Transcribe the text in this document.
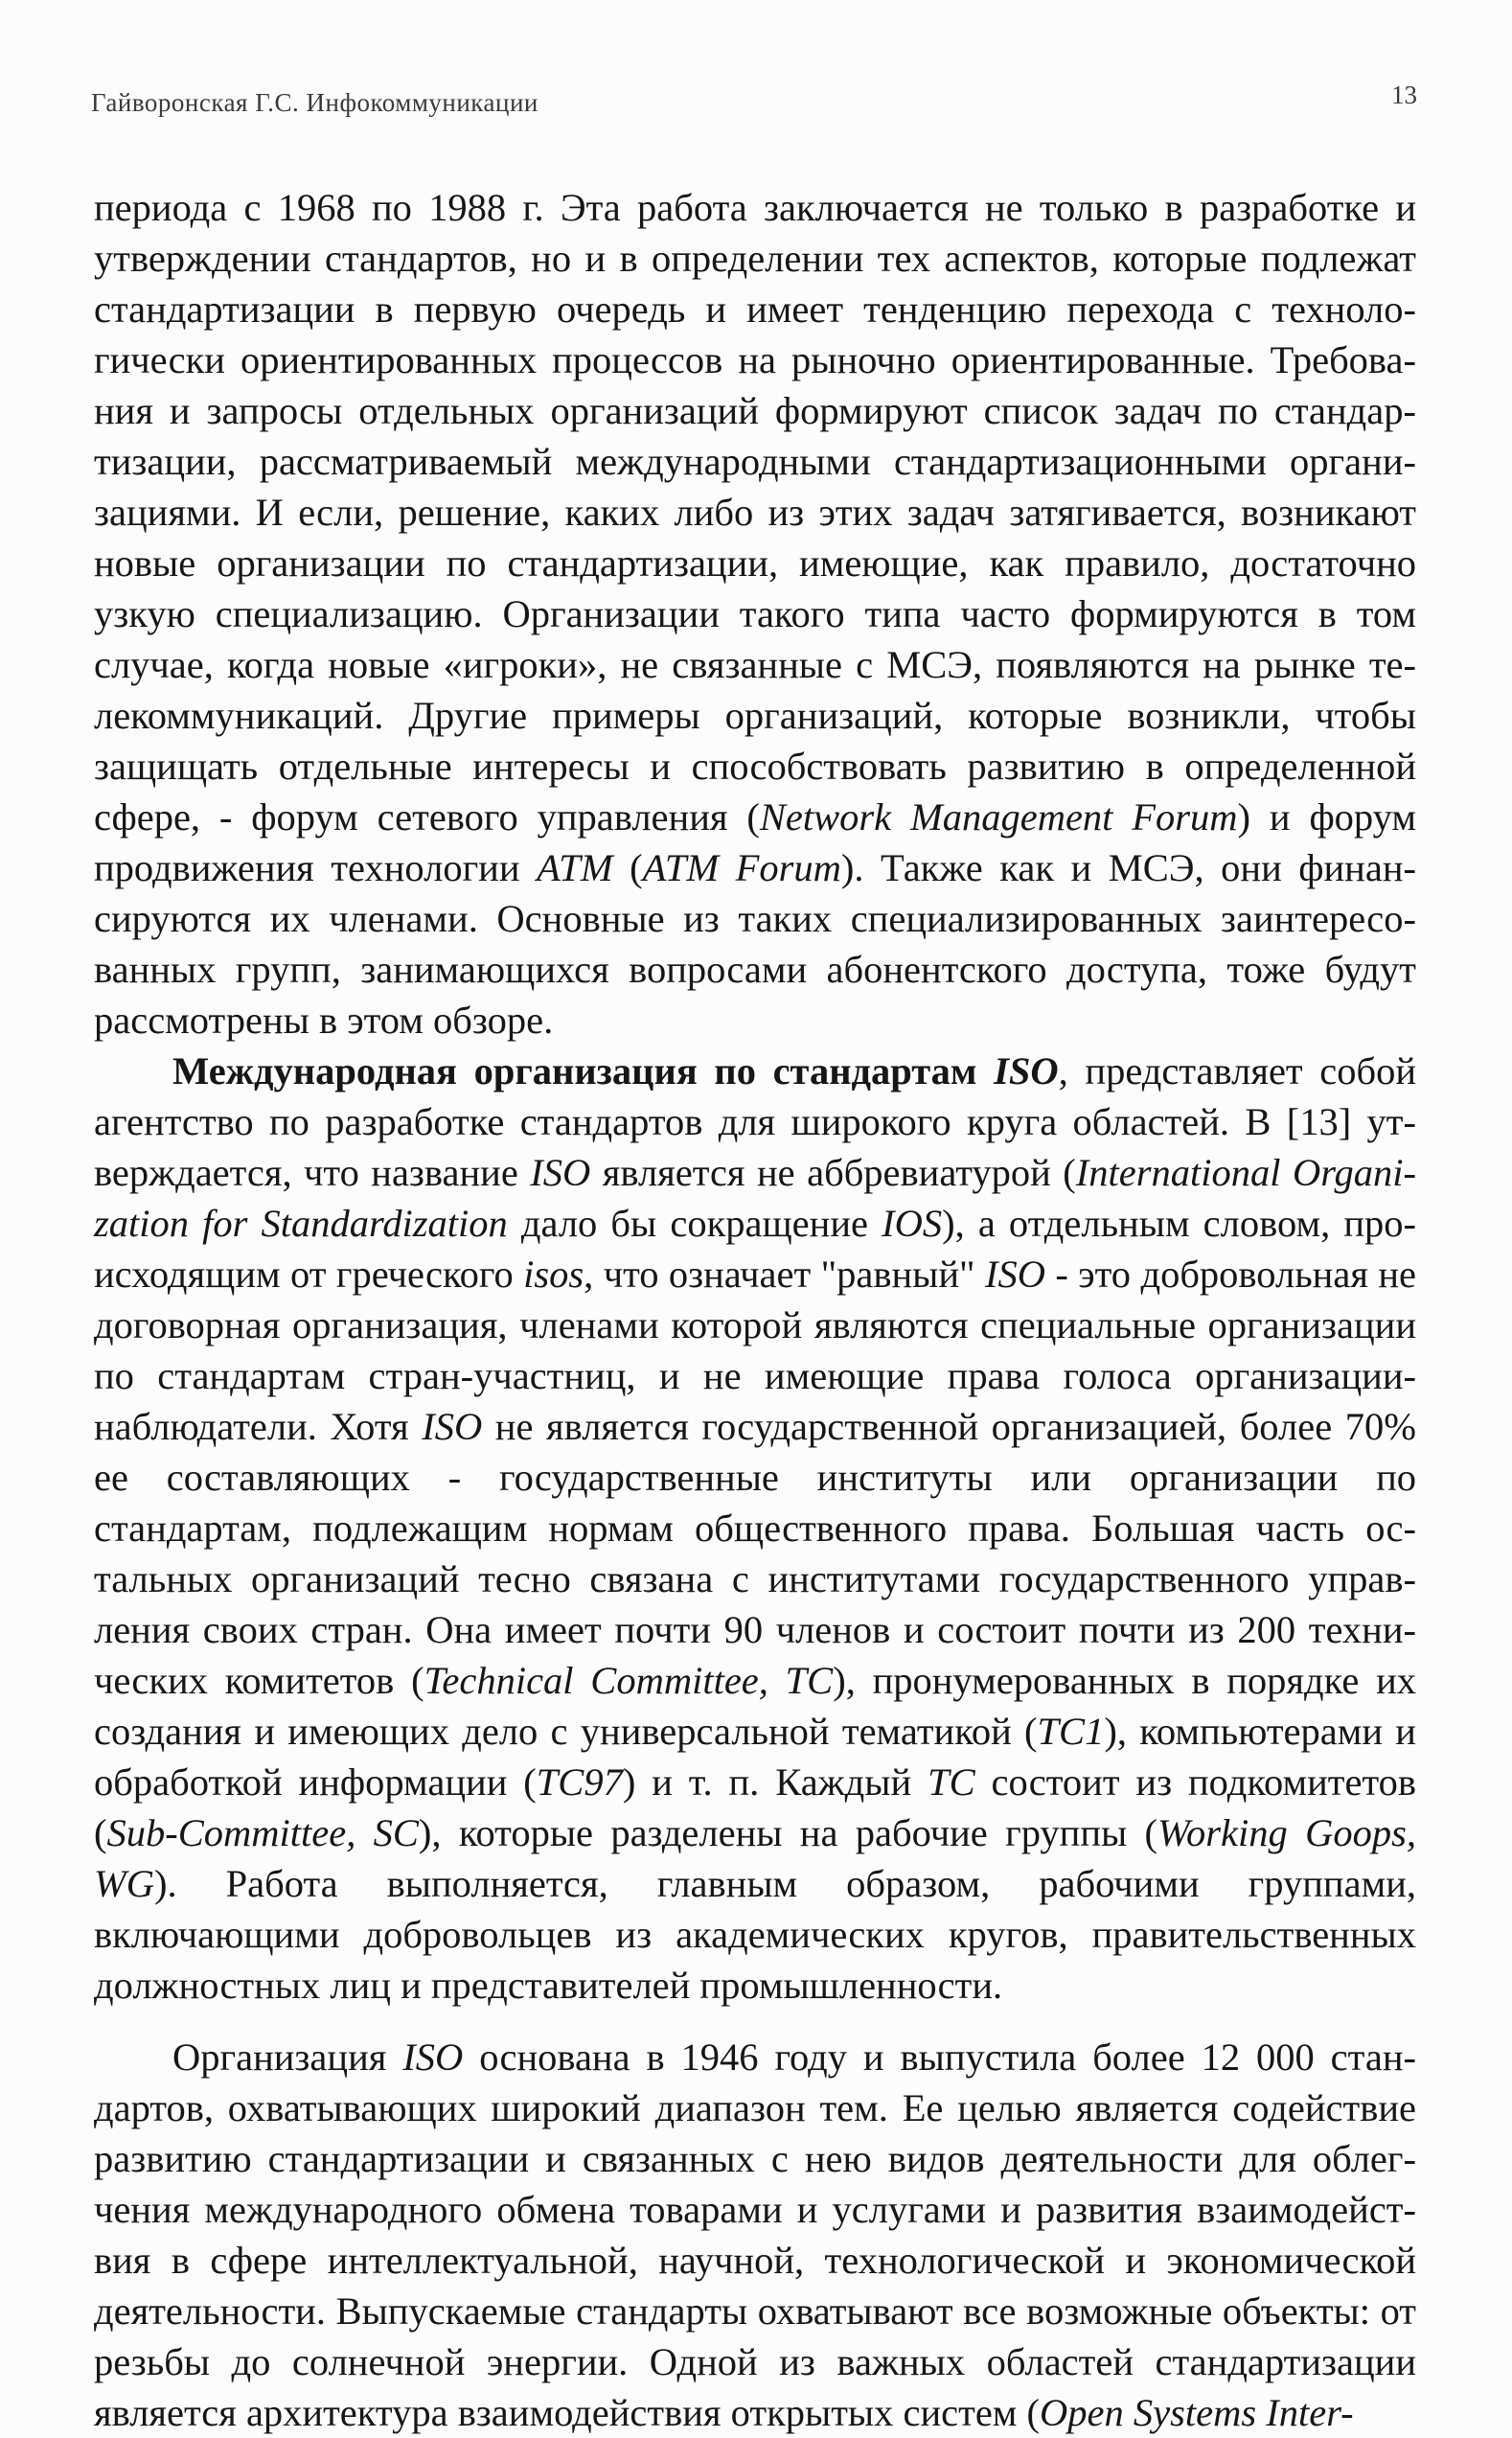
Гайворонская Г.С. Инфокоммуникации	13

периода с 1968 по 1988 г. Эта работа заключается не только в разработке и утверждении стандартов, но и в определении тех аспектов, которые подлежат стандартизации в первую очередь и имеет тенденцию перехода с технологически ориентированных процессов на рыночно ориентированные. Требования и запросы отдельных организаций формируют список задач по стандартизации, рассматриваемый международными стандартизационными организациями. И если, решение, каких либо из этих задач затягивается, возникают новые организации по стандартизации, имеющие, как правило, достаточно узкую специализацию. Организации такого типа часто формируются в том случае, когда новые «игроки», не связанные с МСЭ, появляются на рынке телекоммуникаций. Другие примеры организаций, которые возникли, чтобы защищать отдельные интересы и способствовать развитию в определенной сфере, - форум сетевого управления (Network Management Forum) и форум продвижения технологии ATM (ATM Forum). Также как и МСЭ, они финансируются их членами. Основные из таких специализированных заинтересованных групп, занимающихся вопросами абонентского доступа, тоже будут рассмотрены в этом обзоре.

Международная организация по стандартам ISO, представляет собой агентство по разработке стандартов для широкого круга областей. В [13] утверждается, что название ISO является не аббревиатурой (International Organization for Standardization дало бы сокращение IOS), а отдельным словом, происходящим от греческого isos, что означает "равный" ISO - это добровольная не договорная организация, членами которой являются специальные организации по стандартам стран-участниц, и не имеющие права голоса организации-наблюдатели. Хотя ISO не является государственной организацией, более 70% ее составляющих - государственные институты или организации по стандартам, подлежащим нормам общественного права. Большая часть остальных организаций тесно связана с институтами государственного управления своих стран. Она имеет почти 90 членов и состоит почти из 200 технических комитетов (Technical Committee, TC), пронумерованных в порядке их создания и имеющих дело с универсальной тематикой (TC1), компьютерами и обработкой информации (TC97) и т. п. Каждый TC состоит из подкомитетов (Sub-Committee, SC), которые разделены на рабочие группы (Working Goops, WG). Работа выполняется, главным образом, рабочими группами, включающими добровольцев из академических кругов, правительственных должностных лиц и представителей промышленности.

Организация ISO основана в 1946 году и выпустила более 12 000 стандартов, охватывающих широкий диапазон тем. Ее целью является содействие развитию стандартизации и связанных с нею видов деятельности для облегчения международного обмена товарами и услугами и развития взаимодействия в сфере интеллектуальной, научной, технологической и экономической деятельности. Выпускаемые стандарты охватывают все возможные объекты: от резьбы до солнечной энергии. Одной из важных областей стандартизации является архитектура взаимодействия открытых систем (Open Systems Inter-
